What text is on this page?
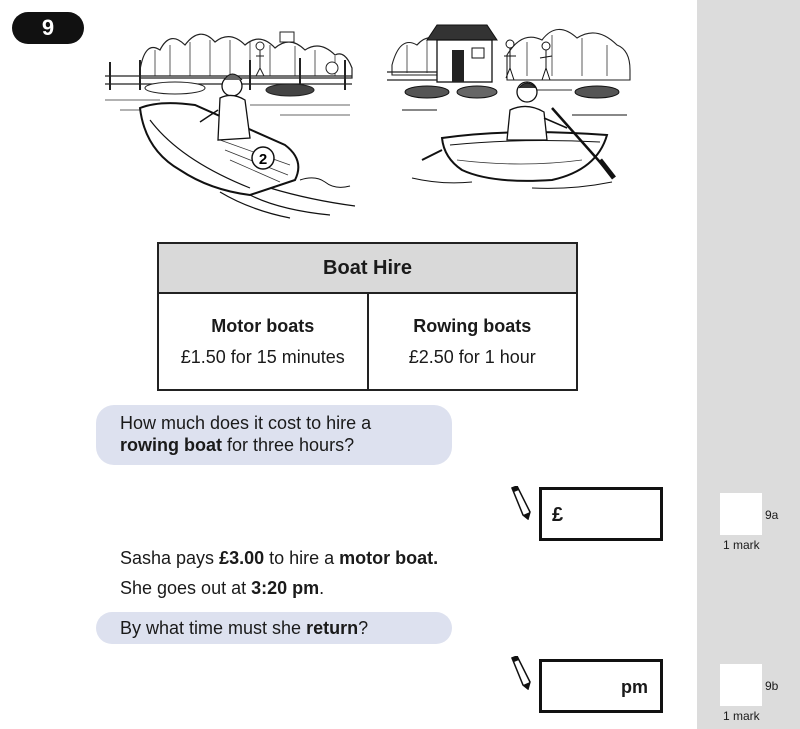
9
2
Boat Hire

Motor boats
£1.50 for 15 minutes	
Rowing boats
£2.50 for 1 hour
How much does it cost to hire a
rowing boat for three hours?
£	9a
1 mark
Sasha pays £3.00 to hire a motor boat.
She goes out at 3:20 pm.
By what time must she return?
pm	9b
1 mark
